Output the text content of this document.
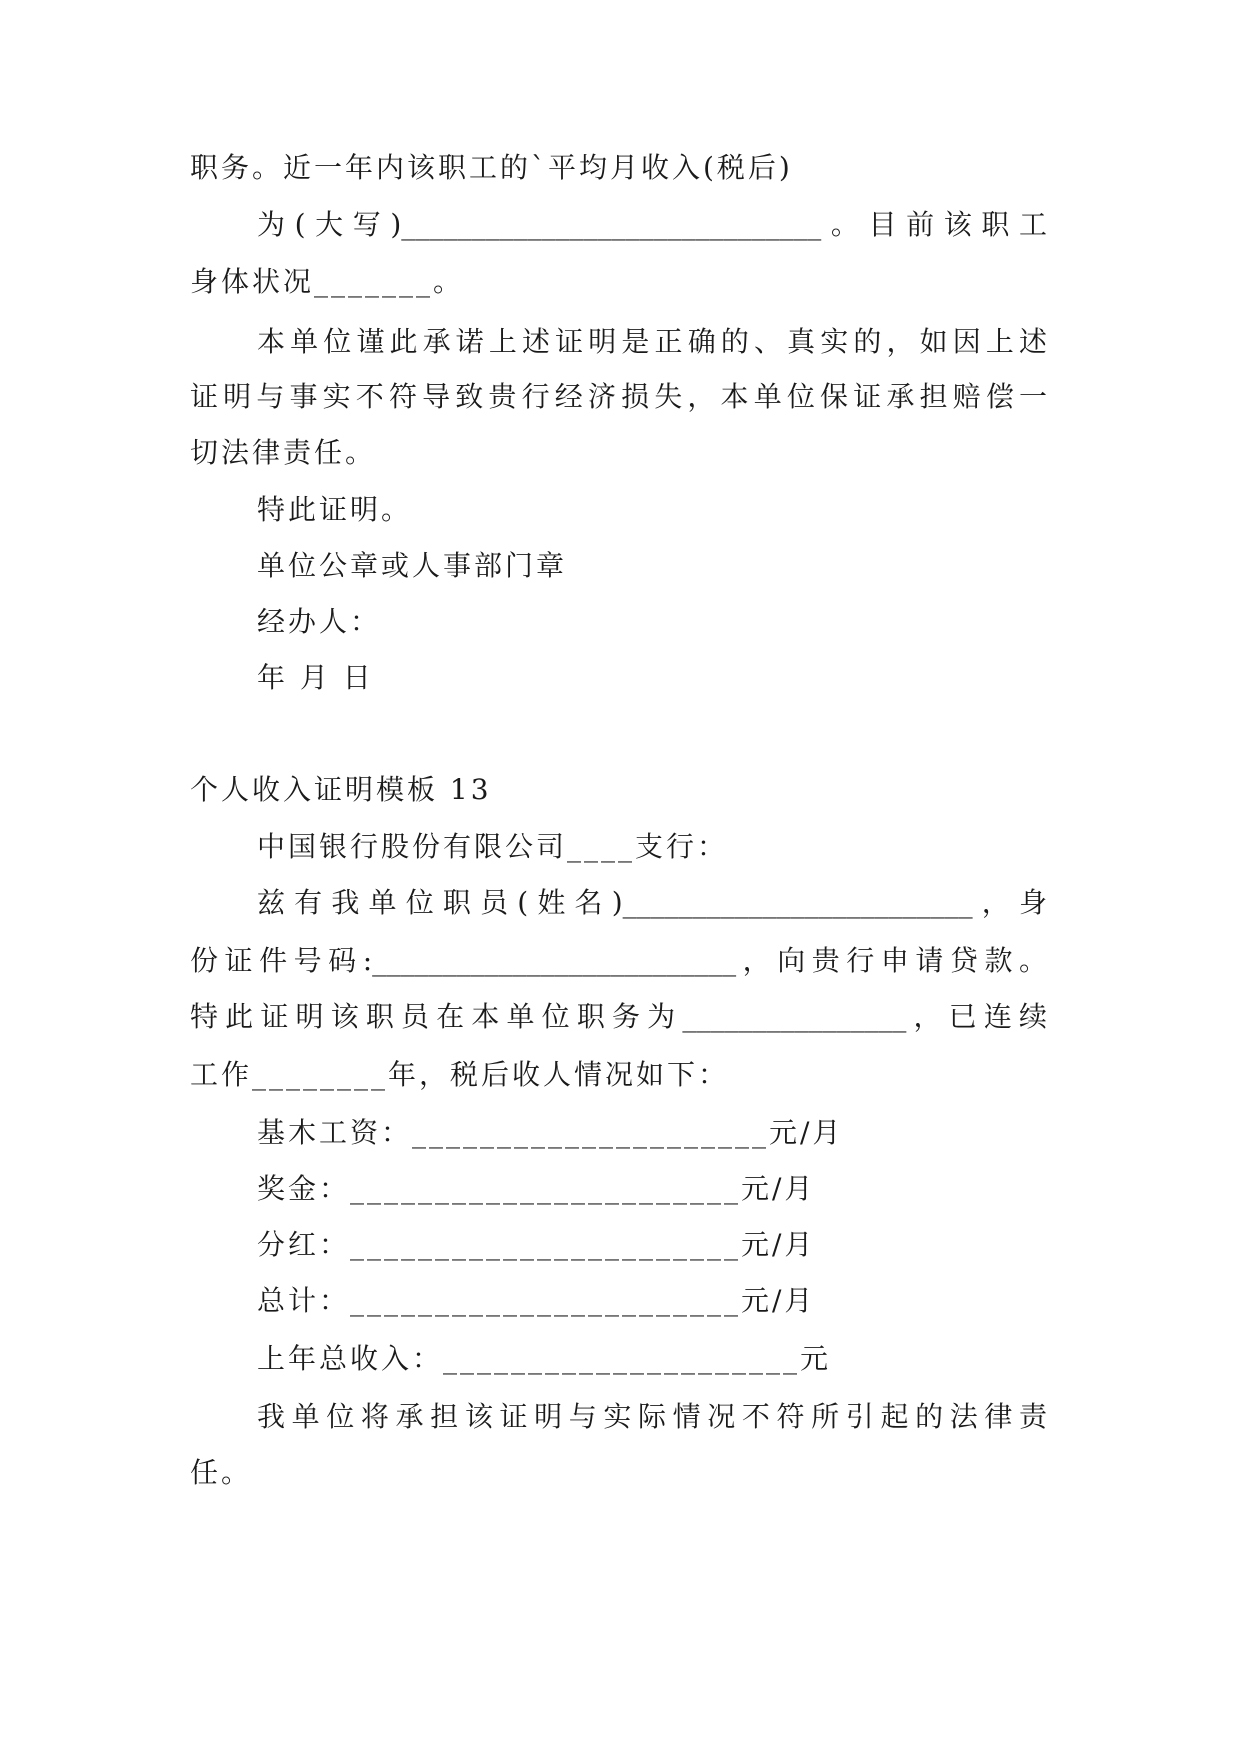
职务。近一年内该职工的`平均月收入(税后)
为(大写)______________________________。目前该职工
身体状况_______。
本单位谨此承诺上述证明是正确的、真实的，如因上述
证明与事实不符导致贵行经济损失，本单位保证承担赔偿一
切法律责任。
特此证明。
单位公章或人事部门章
经办人：
年 月 日
个人收入证明模板 13
中国银行股份有限公司____支行：
兹有我单位职员(姓名)_________________________，身
份证件号码:__________________________，向贵行申请贷款。
特此证明该职员在本单位职务为________________，已连续
工作________年，税后收人情况如下：
基木工资：_____________________元/月
奖金：_______________________元/月
分红：_______________________元/月
总计：_______________________元/月
上年总收入：_____________________元
我单位将承担该证明与实际情况不符所引起的法律责
任。
